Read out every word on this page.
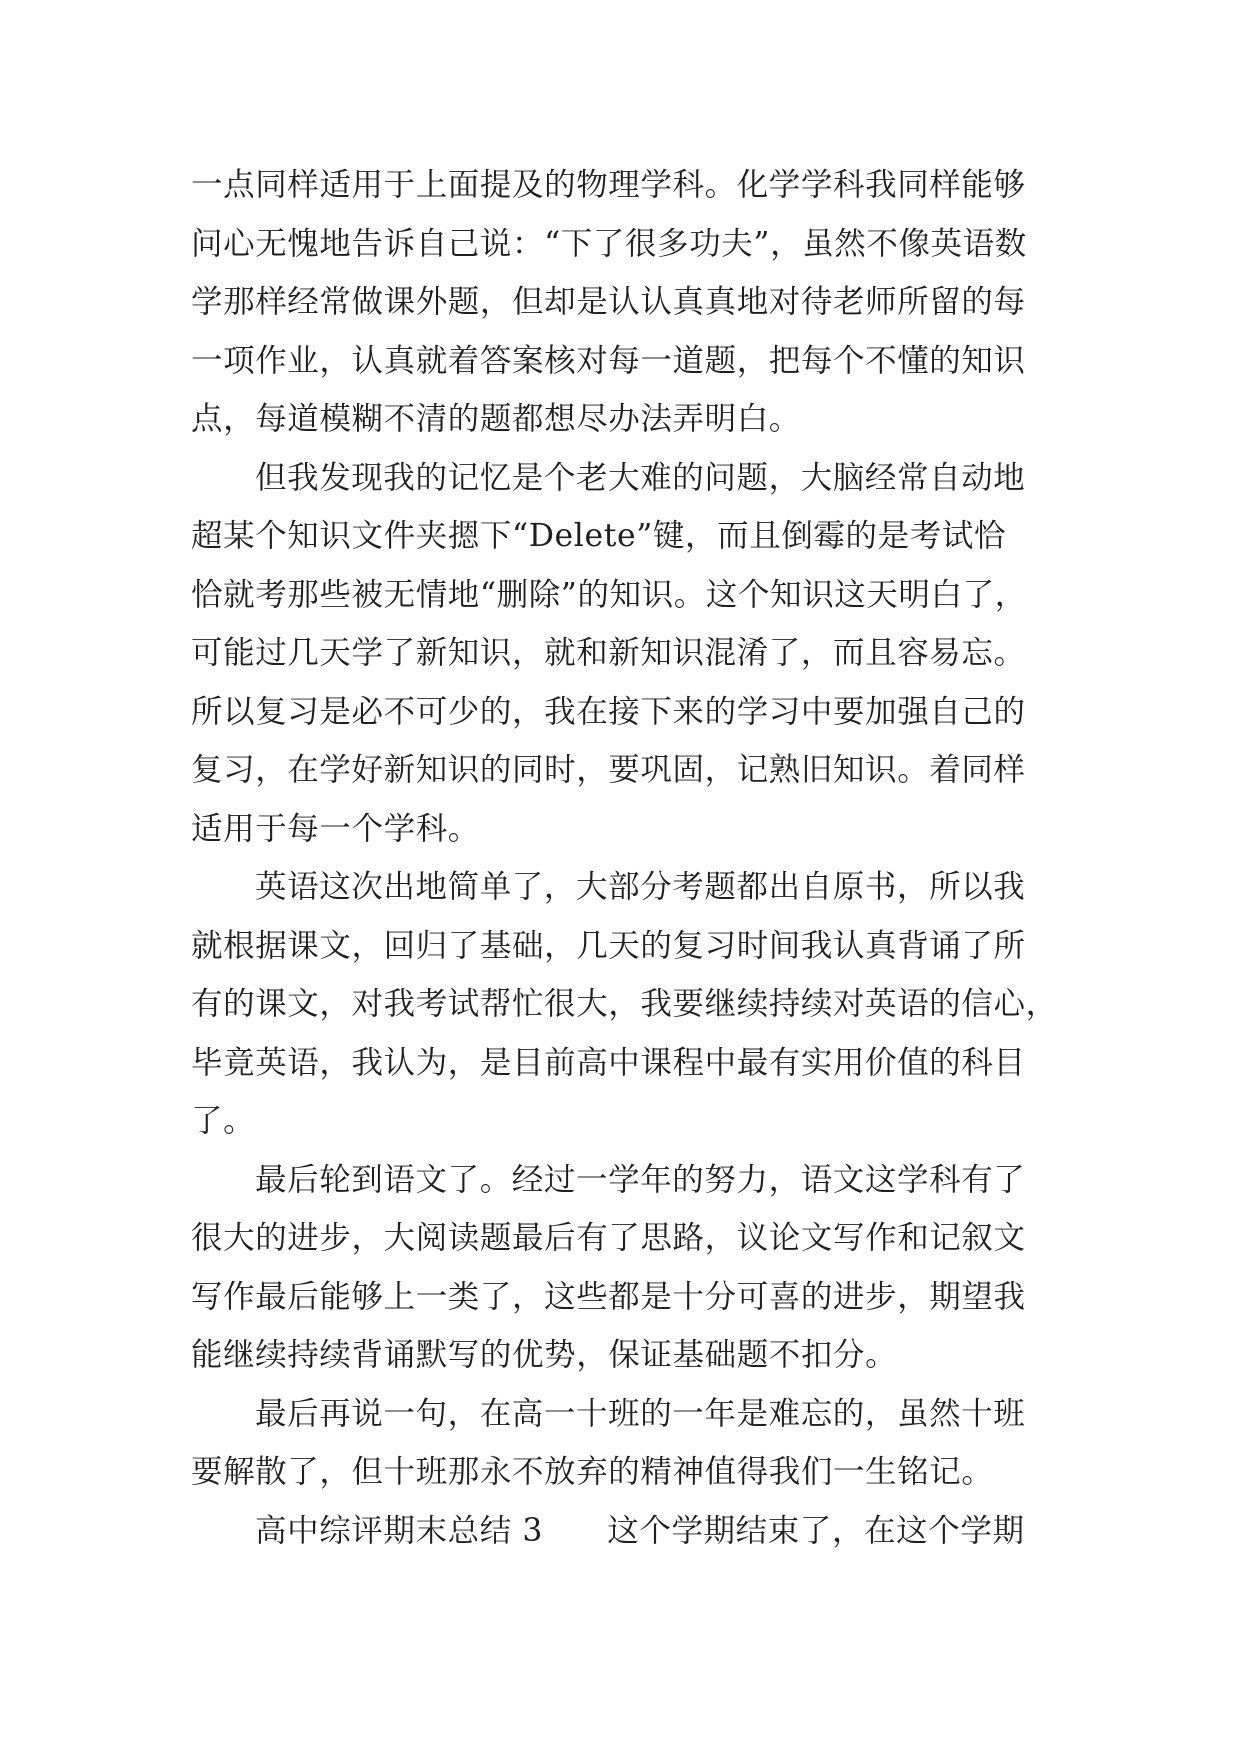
一点同样适用于上面提及的物理学科。化学学科我同样能够
问心无愧地告诉自己说：“下了很多功夫”，虽然不像英语数
学那样经常做课外题，但却是认认真真地对待老师所留的每
一项作业，认真就着答案核对每一道题，把每个不懂的知识
点，每道模糊不清的题都想尽办法弄明白。
但我发现我的记忆是个老大难的问题，大脑经常自动地
超某个知识文件夹摁下“Delete”键，而且倒霉的是考试恰
恰就考那些被无情地“删除”的知识。这个知识这天明白了，
可能过几天学了新知识，就和新知识混淆了，而且容易忘。
所以复习是必不可少的，我在接下来的学习中要加强自己的
复习，在学好新知识的同时，要巩固，记熟旧知识。着同样
适用于每一个学科。
英语这次出地简单了，大部分考题都出自原书，所以我
就根据课文，回归了基础，几天的复习时间我认真背诵了所
有的课文，对我考试帮忙很大，我要继续持续对英语的信心，
毕竟英语，我认为，是目前高中课程中最有实用价值的科目
了。
最后轮到语文了。经过一学年的努力，语文这学科有了
很大的进步，大阅读题最后有了思路，议论文写作和记叙文
写作最后能够上一类了，这些都是十分可喜的进步，期望我
能继续持续背诵默写的优势，保证基础题不扣分。
最后再说一句，在高一十班的一年是难忘的，虽然十班
要解散了，但十班那永不放弃的精神值得我们一生铭记。
高中综评期末总结 3　　这个学期结束了，在这个学期
